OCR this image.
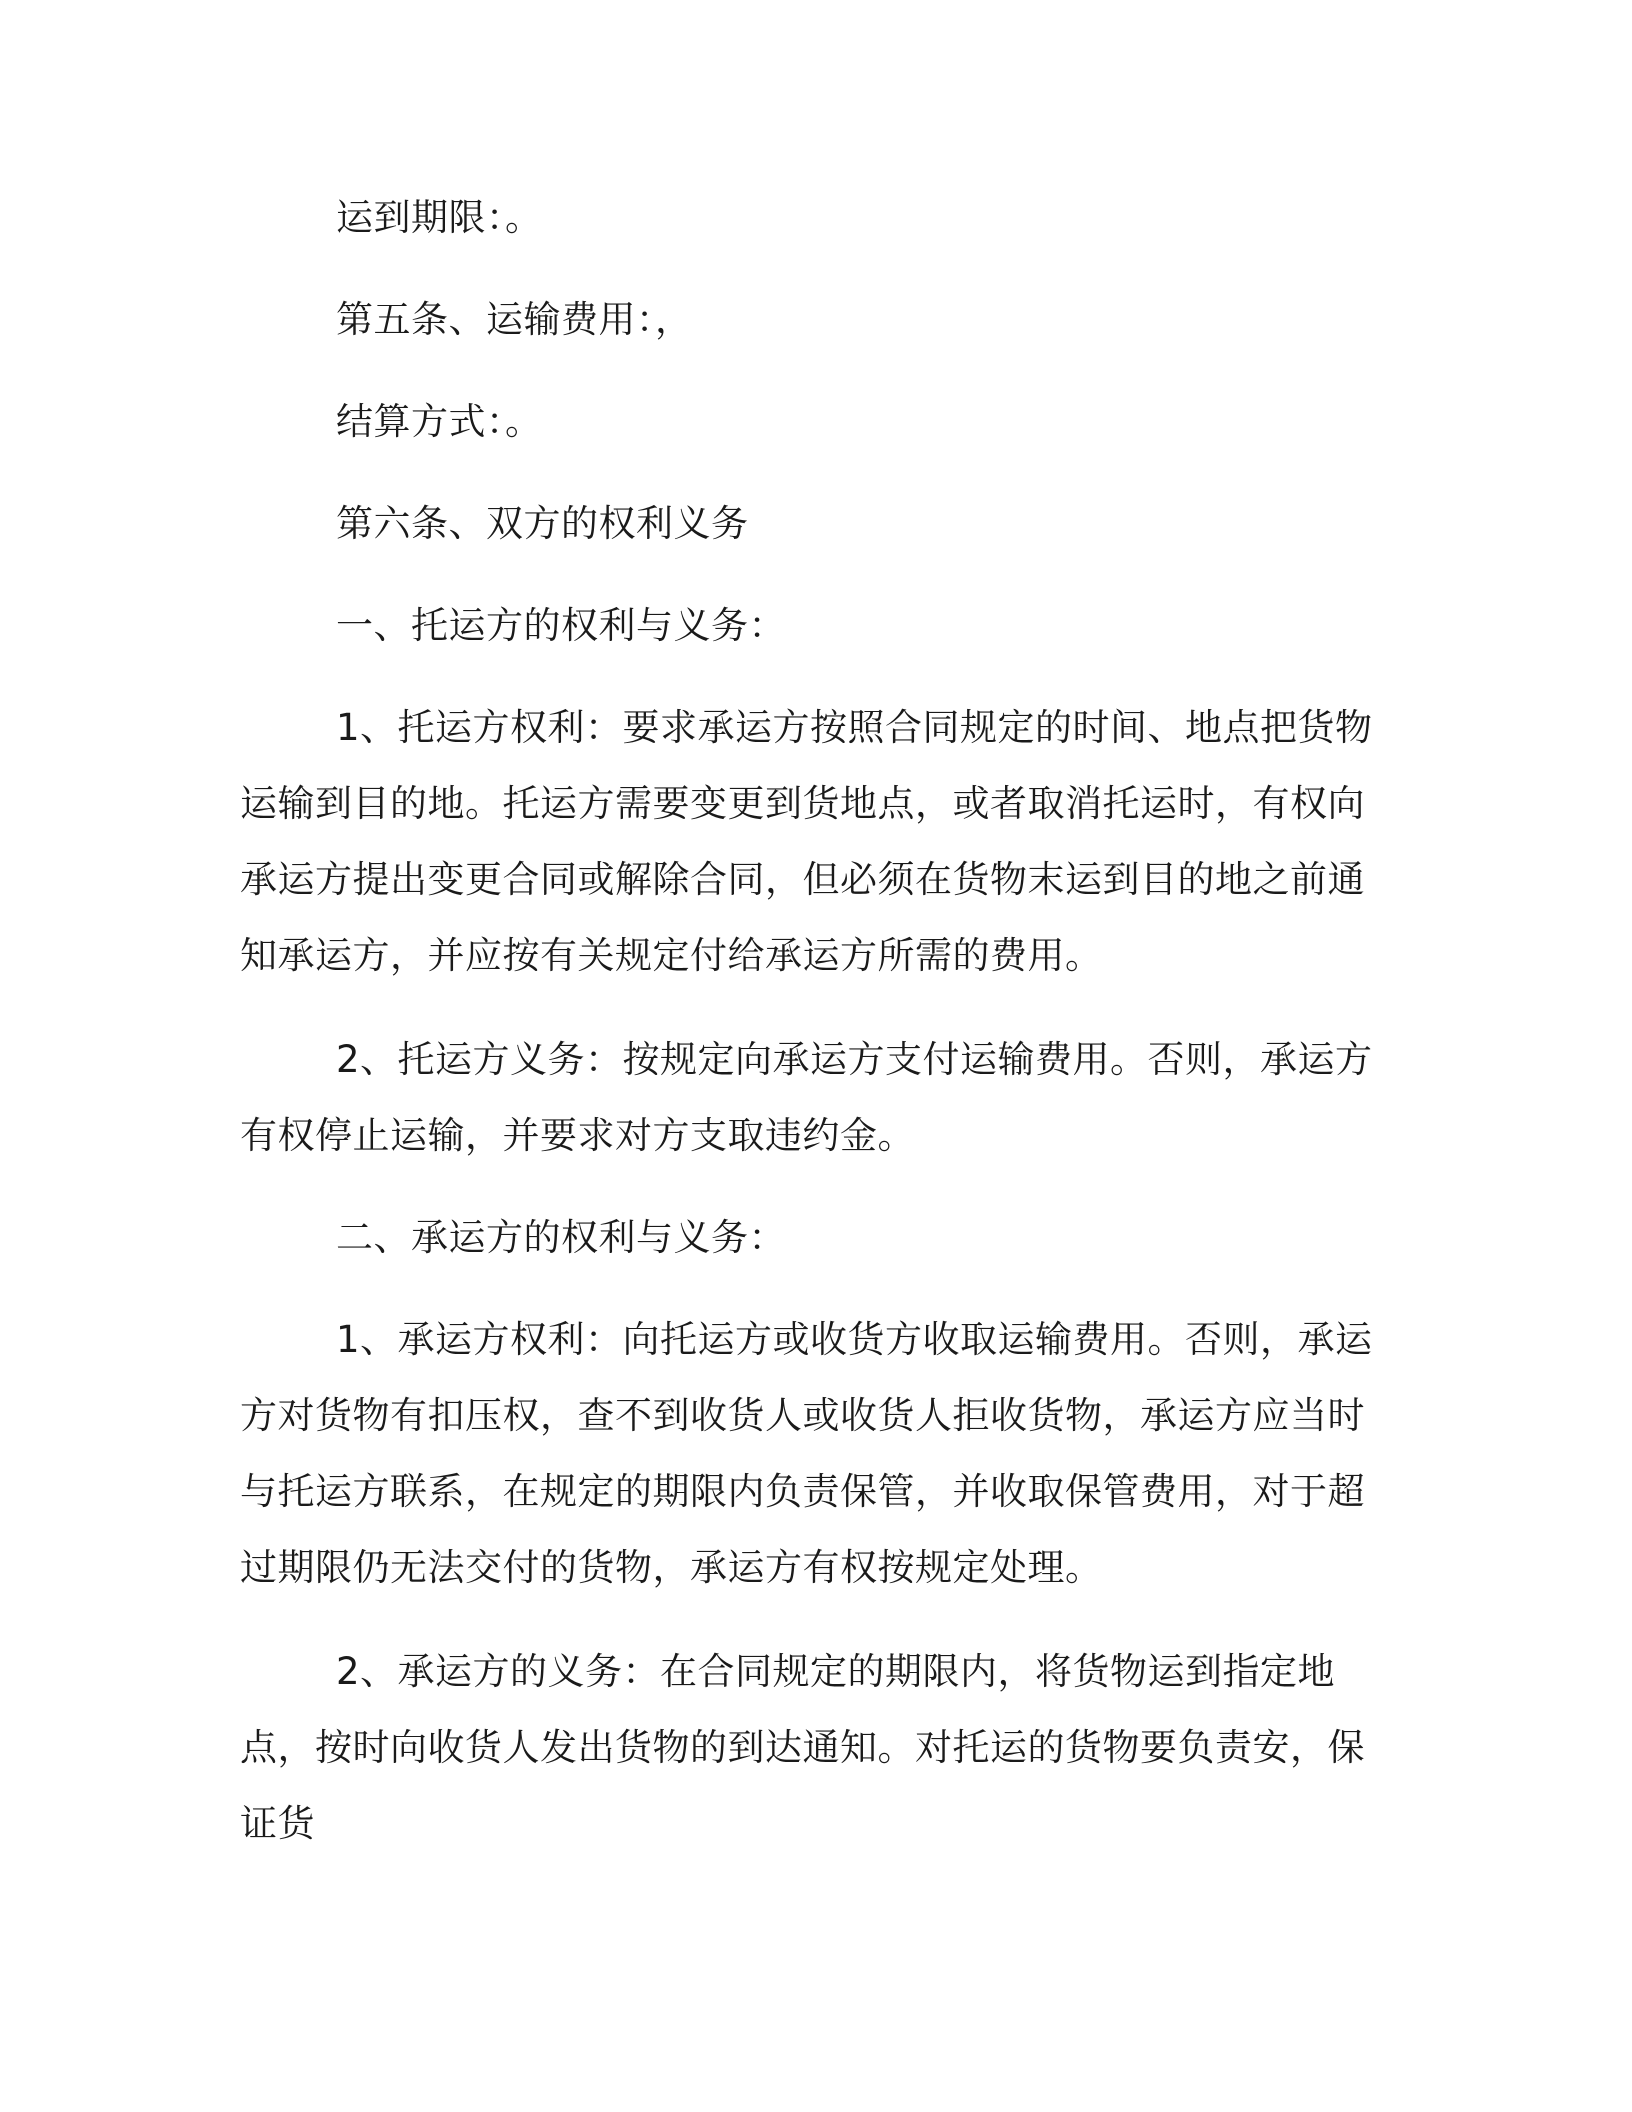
运到期限：。

第五条、运输费用：，

结算方式：。

第六条、双方的权利义务

一、托运方的权利与义务：

1、托运方权利：要求承运方按照合同规定的时间、地点把货物运输到目的地。托运方需要变更到货地点，或者取消托运时，有权向承运方提出变更合同或解除合同，但必须在货物末运到目的地之前通知承运方，并应按有关规定付给承运方所需的费用。

2、托运方义务：按规定向承运方支付运输费用。否则，承运方有权停止运输，并要求对方支取违约金。

二、承运方的权利与义务：

1、承运方权利：向托运方或收货方收取运输费用。否则，承运方对货物有扣压权，查不到收货人或收货人拒收货物，承运方应当时与托运方联系，在规定的期限内负责保管，并收取保管费用，对于超过期限仍无法交付的货物，承运方有权按规定处理。

2、承运方的义务：在合同规定的期限内，将货物运到指定地点，按时向收货人发出货物的到达通知。对托运的货物要负责安，保证货
